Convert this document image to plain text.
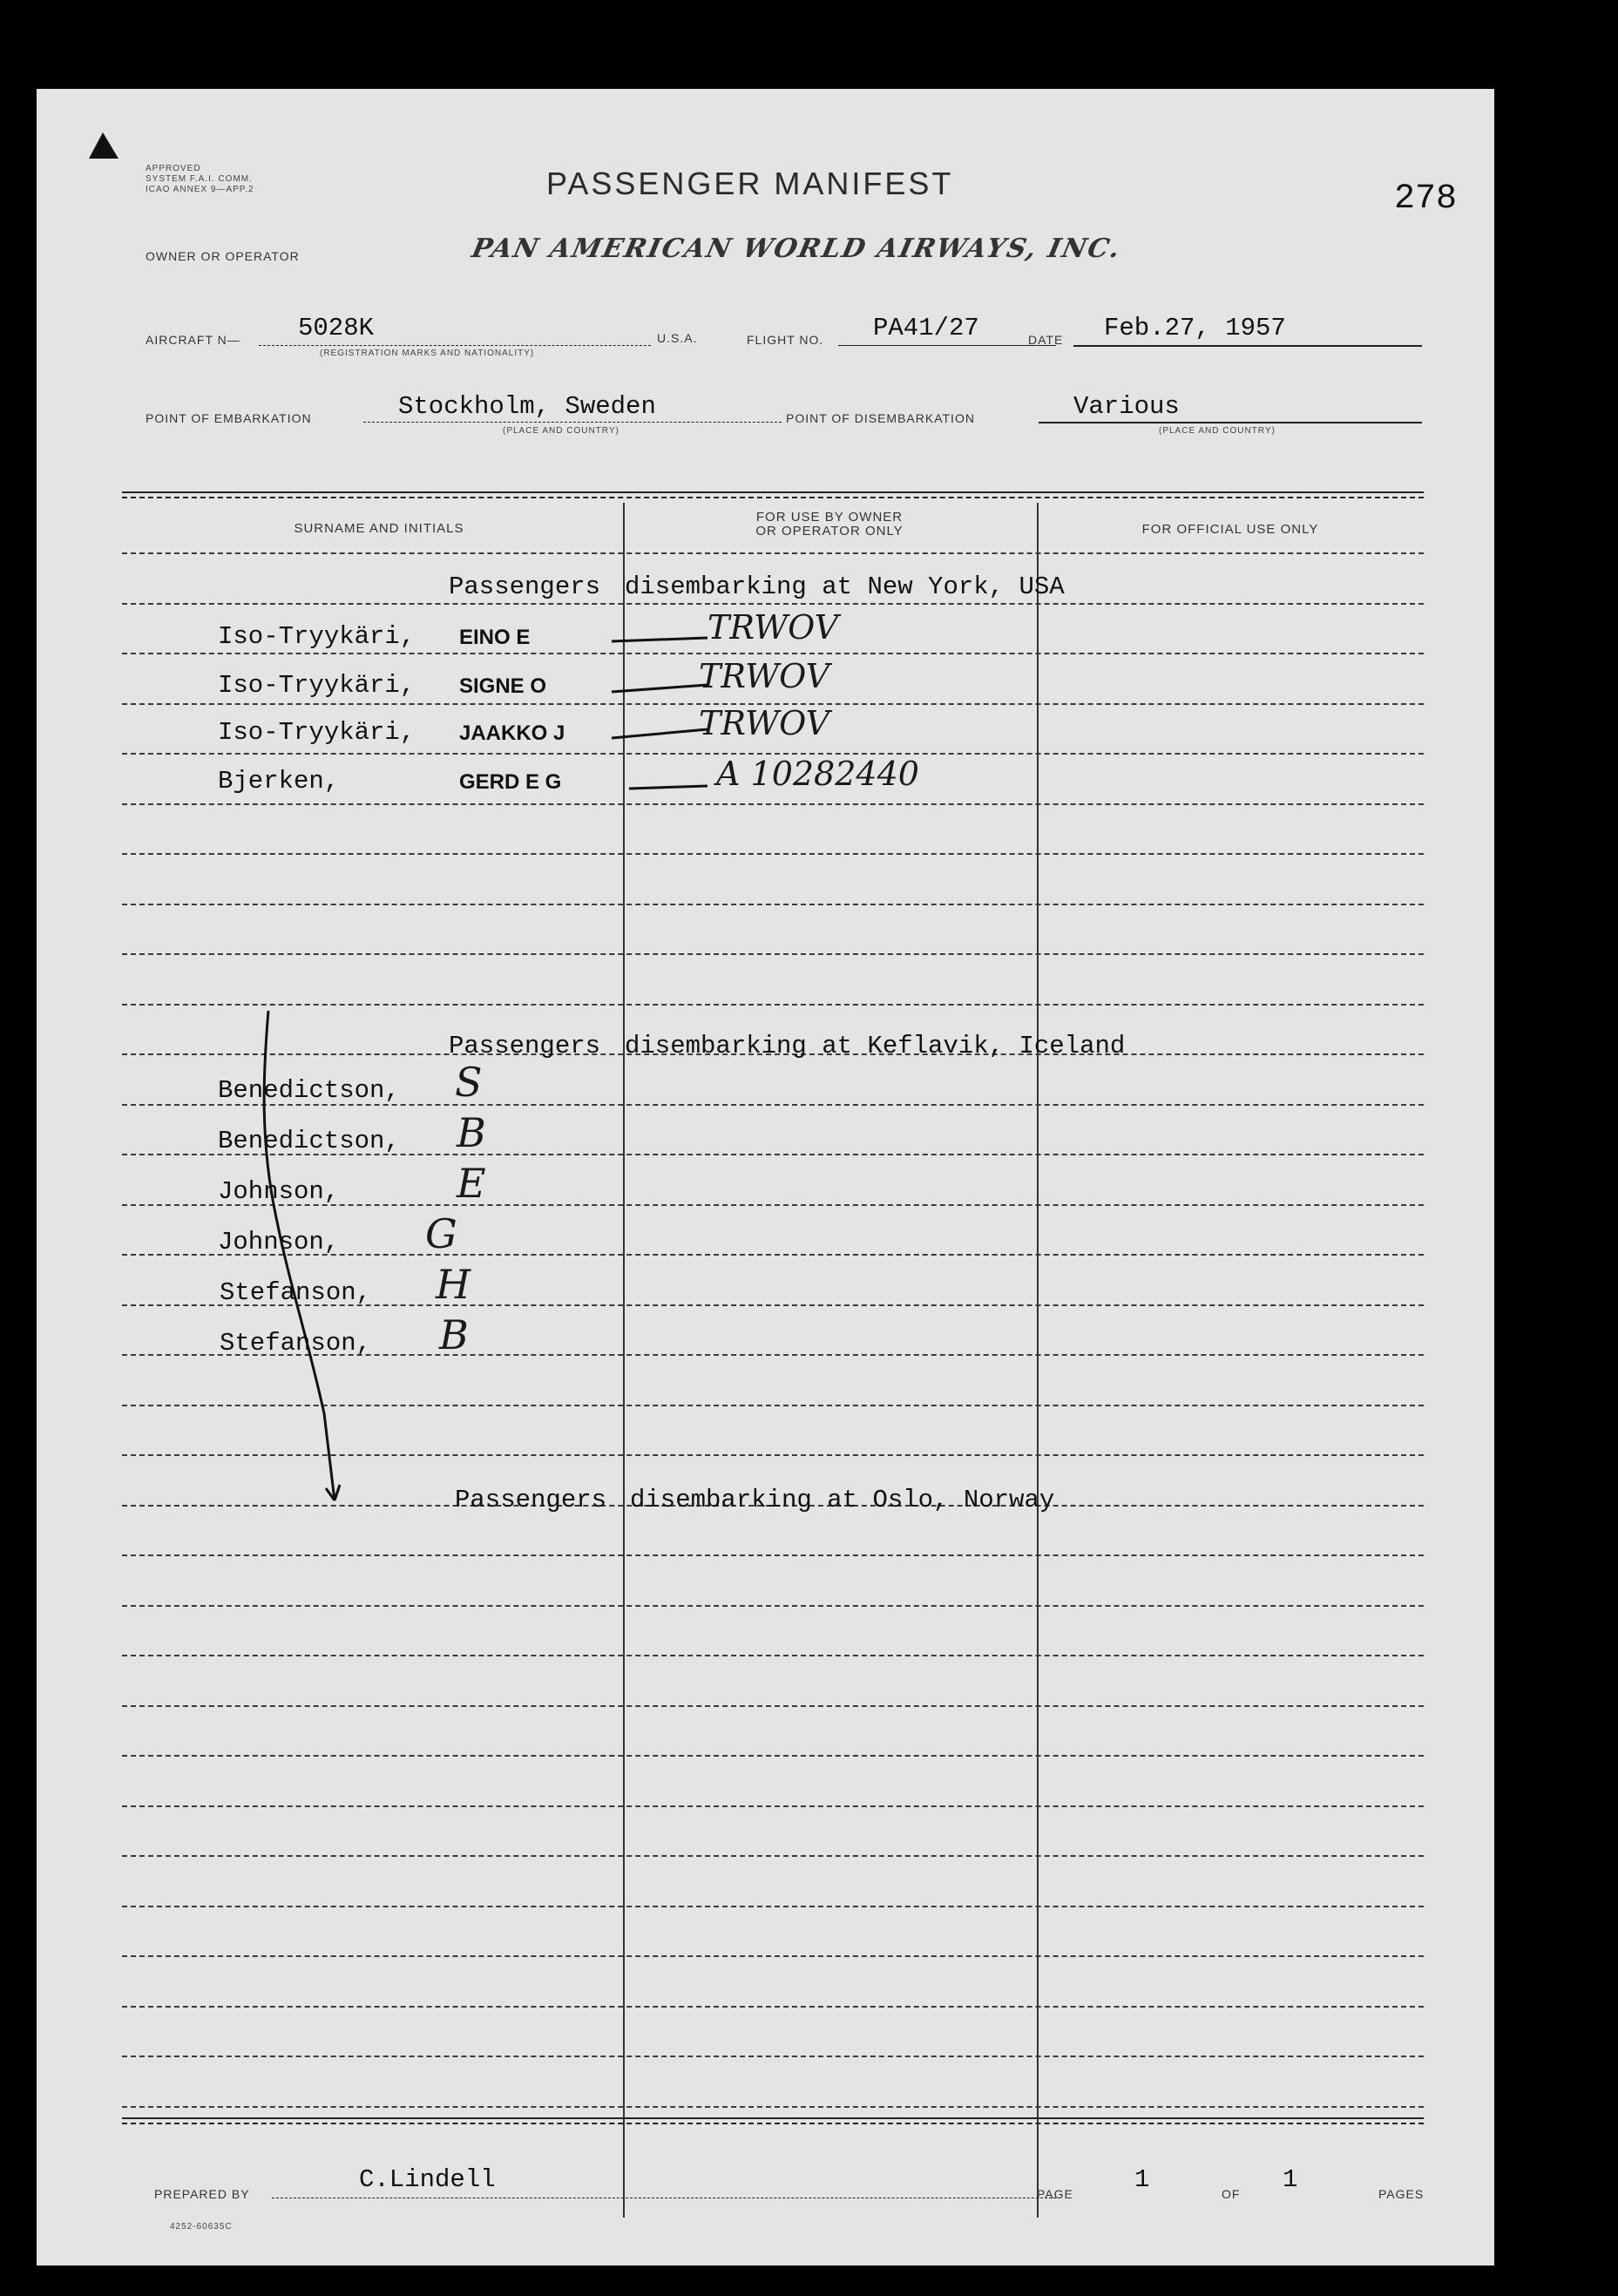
APPROVED
SYSTEM F.A.I. COMM.
ICAO ANNEX 9—APP.2	PASSENGER MANIFEST	278
OWNER OR OPERATOR	PAN AMERICAN WORLD AIRWAYS, INC.
AIRCRAFT N— 5028K
(REGISTRATION MARKS AND NATIONALITY)
U.S.A.	FLIGHT NO. PA41/27	DATE Feb.27, 1957
POINT OF EMBARKATION	Stockholm, Sweden
(PLACE AND COUNTRY)
POINT OF DISEMBARKATION	Various
(PLACE AND COUNTRY)
SURNAME AND INITIALS
FOR USE BY OWNER
OR OPERATOR ONLY	FOR OFFICIAL USE ONLY
Passengers disembarking at New York, USA
Iso-Tryykäri, EINO E	TRWOV
Iso-Tryykäri, SIGNE O	TRWOV
Iso-Tryykäri, JAAKKO J	TRWOV
Bjerken,	GERD E G	A 10282440
Passengers disembarking at Keflavik, Iceland
Benedictson, S
Benedictson, B
Johnson,	E
Johnson, G
Stefanson, H
Stefanson, B
Passengers disembarking at Oslo, Norway
PREPARED BY	C.Lindell	PAGE 1	OF 1	PAGES
4252-60635C
